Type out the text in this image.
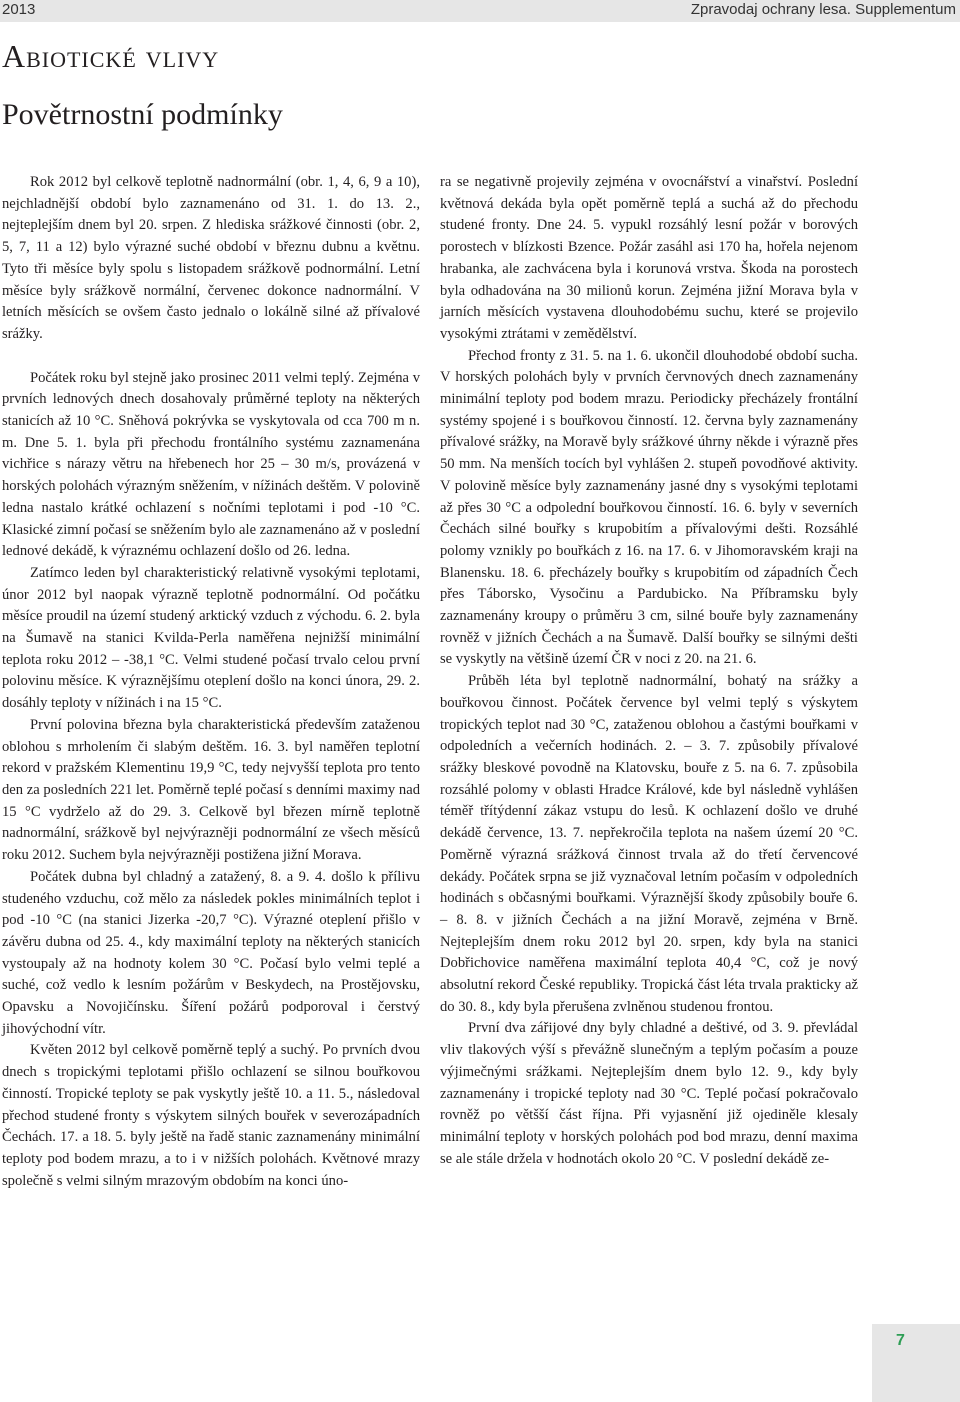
2013	Zpravodaj ochrany lesa. Supplementum
Abiotické vlivy
Povětrnostní podmínky

Rok 2012 byl celkově teplotně nadnormální (obr. 1, 4, 6, 9 a 10), nejchladnější období bylo zaznamenáno od 31. 1. do 13. 2., nejteplejším dnem byl 20. srpen. Z hlediska srážkové činnosti (obr. 2, 5, 7, 11 a 12) bylo výrazné suché období v březnu dubnu a květnu. Tyto tři měsíce byly spolu s listopadem srážkově podnormální. Letní měsíce byly srážkově normální, červenec dokonce nadnormální. V letních měsících se ovšem často jednalo o lokálně silné až přívalové srážky.

Počátek roku byl stejně jako prosinec 2011 velmi teplý. Zejména v prvních lednových dnech dosahovaly průměrné teploty na některých stanicích až 10 °C. Sněhová pokrývka se vyskytovala od cca 700 m n. m. Dne 5. 1. byla při přechodu frontálního systému zaznamenána vichřice s nárazy větru na hřebenech hor 25 – 30 m/s, provázená v horských polohách výrazným sněžením, v nížinách deštěm. V polovině ledna nastalo krátké ochlazení s nočními teplotami i pod -10 °C. Klasické zimní počasí se sněžením bylo ale zaznamenáno až v poslední lednové dekádě, k výraznému ochlazení došlo od 26. ledna.

Zatímco leden byl charakteristický relativně vysokými teplotami, únor 2012 byl naopak výrazně teplotně podnormální. Od počátku měsíce proudil na území studený arktický vzduch z východu. 6. 2. byla na Šumavě na stanici Kvilda-Perla naměřena nejnižší minimální teplota roku 2012 – -38,1 °C. Velmi studené počasí trvalo celou první polovinu měsíce. K výraznějšímu oteplení došlo na konci února, 29. 2. dosáhly teploty v nížinách i na 15 °C.

První polovina března byla charakteristická především zataženou oblohou s mrholením či slabým deštěm. 16. 3. byl naměřen teplotní rekord v pražském Klementinu 19,9 °C, tedy nejvyšší teplota pro tento den za posledních 221 let. Poměrně teplé počasí s denními maximy nad 15 °C vydrželo až do 29. 3. Celkově byl březen mírně teplotně nadnormální, srážkově byl nejvýrazněji podnormální ze všech měsíců roku 2012. Suchem byla nejvýrazněji postižena jižní Morava.

Počátek dubna byl chladný a zatažený, 8. a 9. 4. došlo k přílivu studeného vzduchu, což mělo za následek pokles minimálních teplot i pod -10 °C (na stanici Jizerka -20,7 °C). Výrazné oteplení přišlo v závěru dubna od 25. 4., kdy maximální teploty na některých stanicích vystoupaly až na hodnoty kolem 30 °C. Počasí bylo velmi teplé a suché, což vedlo k lesním požárům v Beskydech, na Prostějovsku, Opavsku a Novojičínsku. Šíření požárů podporoval i čerstvý jihovýchodní vítr.

Květen 2012 byl celkově poměrně teplý a suchý. Po prvních dvou dnech s tropickými teplotami přišlo ochlazení se silnou bouřkovou činností. Tropické teploty se pak vyskytly ještě 10. a 11. 5., následoval přechod studené fronty s výskytem silných bouřek v severozápadních Čechách. 17. a 18. 5. byly ještě na řadě stanic zaznamenány minimální teploty pod bodem mrazu, a to i v nižších polohách. Květnové mrazy společně s velmi silným mrazovým obdobím na konci úno-

ra se negativně projevily zejména v ovocnářství a vinařství. Poslední květnová dekáda byla opět poměrně teplá a suchá až do přechodu studené fronty. Dne 24. 5. vypukl rozsáhlý lesní požár v borových porostech v blízkosti Bzence. Požár zasáhl asi 170 ha, hořela nejenom hrabanka, ale zachvácena byla i korunová vrstva. Škoda na porostech byla odhadována na 30 milionů korun. Zejména jižní Morava byla v jarních měsících vystavena dlouhodobému suchu, které se projevilo vysokými ztrátami v zemědělství.

Přechod fronty z 31. 5. na 1. 6. ukončil dlouhodobé období sucha. V horských polohách byly v prvních červnových dnech zaznamenány minimální teploty pod bodem mrazu. Periodicky přecházely frontální systémy spojené i s bouřkovou činností. 12. června byly zaznamenány přívalové srážky, na Moravě byly srážkové úhrny někde i výrazně přes 50 mm. Na menších tocích byl vyhlášen 2. stupeň povodňové aktivity. V polovině měsíce byly zaznamenány jasné dny s vysokými teplotami až přes 30 °C a odpolední bouřkovou činností. 16. 6. byly v severních Čechách silné bouřky s krupobitím a přívalovými dešti. Rozsáhlé polomy vznikly po bouřkách z 16. na 17. 6. v Jihomoravském kraji na Blanensku. 18. 6. přecházely bouřky s krupobitím od západních Čech přes Táborsko, Vysočinu a Pardubicko. Na Příbramsku byly zaznamenány kroupy o průměru 3 cm, silné bouře byly zaznamenány rovněž v jižních Čechách a na Šumavě. Další bouřky se silnými dešti se vyskytly na většině území ČR v noci z 20. na 21. 6.

Průběh léta byl teplotně nadnormální, bohatý na srážky a bouřkovou činnost. Počátek července byl velmi teplý s výskytem tropických teplot nad 30 °C, zataženou oblohou a častými bouřkami v odpoledních a večerních hodinách. 2. – 3. 7. způsobily přívalové srážky bleskové povodně na Klatovsku, bouře z 5. na 6. 7. způsobila rozsáhlé polomy v oblasti Hradce Králové, kde byl následně vyhlášen téměř třítýdenní zákaz vstupu do lesů. K ochlazení došlo ve druhé dekádě července, 13. 7. nepřekročila teplota na našem území 20 °C. Poměrně výrazná srážková činnost trvala až do třetí červencové dekády. Počátek srpna se již vyznačoval letním počasím v odpoledních hodinách s občasnými bouřkami. Výraznější škody způsobily bouře 6. – 8. 8. v jižních Čechách a na jižní Moravě, zejména v Brně. Nejteplejším dnem roku 2012 byl 20. srpen, kdy byla na stanici Dobřichovice naměřena maximální teplota 40,4 °C, což je nový absolutní rekord České republiky. Tropická část léta trvala prakticky až do 30. 8., kdy byla přerušena zvlněnou studenou frontou.

První dva zářijové dny byly chladné a deštivé, od 3. 9. převládal vliv tlakových výší s převážně slunečným a teplým počasím a pouze výjimečnými srážkami. Nejteplejším dnem bylo 12. 9., kdy byly zaznamenány i tropické teploty nad 30 °C. Teplé počasí pokračovalo rovněž po většší část října. Při vyjasnění již ojediněle klesaly minimální teploty v horských polohách pod bod mrazu, denní maxima se ale stále držela v hodnotách okolo 20 °C. V poslední dekádě ze-

7
